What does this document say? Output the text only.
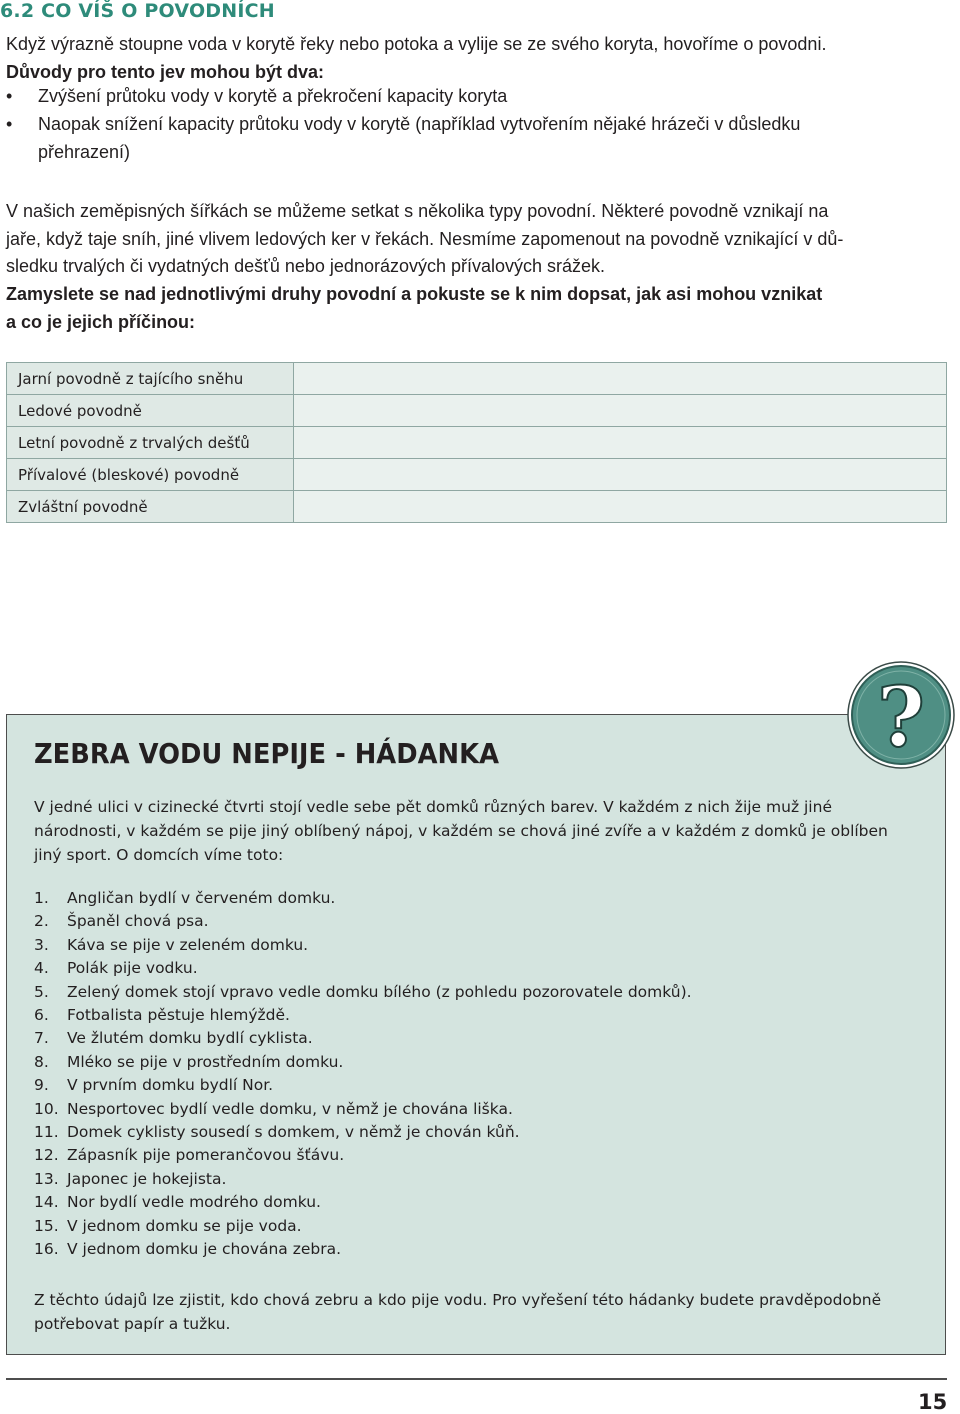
6.2 CO VÍŠ O POVODNÍCH
Když výrazně stoupne voda v korytě řeky nebo potoka a vylije se ze svého koryta, hovoříme o povodni.
Důvody pro tento jev mohou být dva:
• Zvýšení průtoku vody v korytě a překročení kapacity koryta
• Naopak snížení kapacity průtoku vody v korytě (například vytvořením nějaké hrázeči v důsledku
přehrazení)
V našich zeměpisných šířkách se můžeme setkat s několika typy povodní. Některé povodně vznikají na
jaře, když taje sníh, jiné vlivem ledových ker v řekách. Nesmíme zapomenout na povodně vznikající v dů-
sledku trvalých či vydatných dešťů nebo jednorázových přívalových srážek.
Zamyslete se nad jednotlivými druhy povodní a pokuste se k nim dopsat, jak asi mohou vznikat
a co je jejich příčinou:
Jarní povodně z tajícího sněhu	
Ledové povodně	
Letní povodně z trvalých dešťů	
Přívalové (bleskové) povodně	
Zvláštní povodně	
ZEBRA VODU NEPIJE - HÁDANKA
V jedné ulici v cizinecké čtvrti stojí vedle sebe pět domků různých barev. V každém z nich žije muž jiné
národnosti, v každém se pije jiný oblíbený nápoj, v každém se chová jiné zvíře a v každém z domků je oblíben
jiný sport. O domcích víme toto:
1. Angličan bydlí v červeném domku.
2. Španěl chová psa.
3. Káva se pije v zeleném domku.
4. Polák pije vodku.
5. Zelený domek stojí vpravo vedle domku bílého (z pohledu pozorovatele domků).
6. Fotbalista pěstuje hlemýždě.
7. Ve žlutém domku bydlí cyklista.
8. Mléko se pije v prostředním domku.
9. V prvním domku bydlí Nor.
10. Nesportovec bydlí vedle domku, v němž je chována liška.
11. Domek cyklisty sousedí s domkem, v němž je chován kůň.
12. Zápasník pije pomerančovou šťávu.
13. Japonec je hokejista.
14. Nor bydlí vedle modrého domku.
15. V jednom domku se pije voda.
16. V jednom domku je chována zebra.
Z těchto údajů lze zjistit, kdo chová zebru a kdo pije vodu. Pro vyřešení této hádanky budete pravděpodobně
potřebovat papír a tužku.
?
15
